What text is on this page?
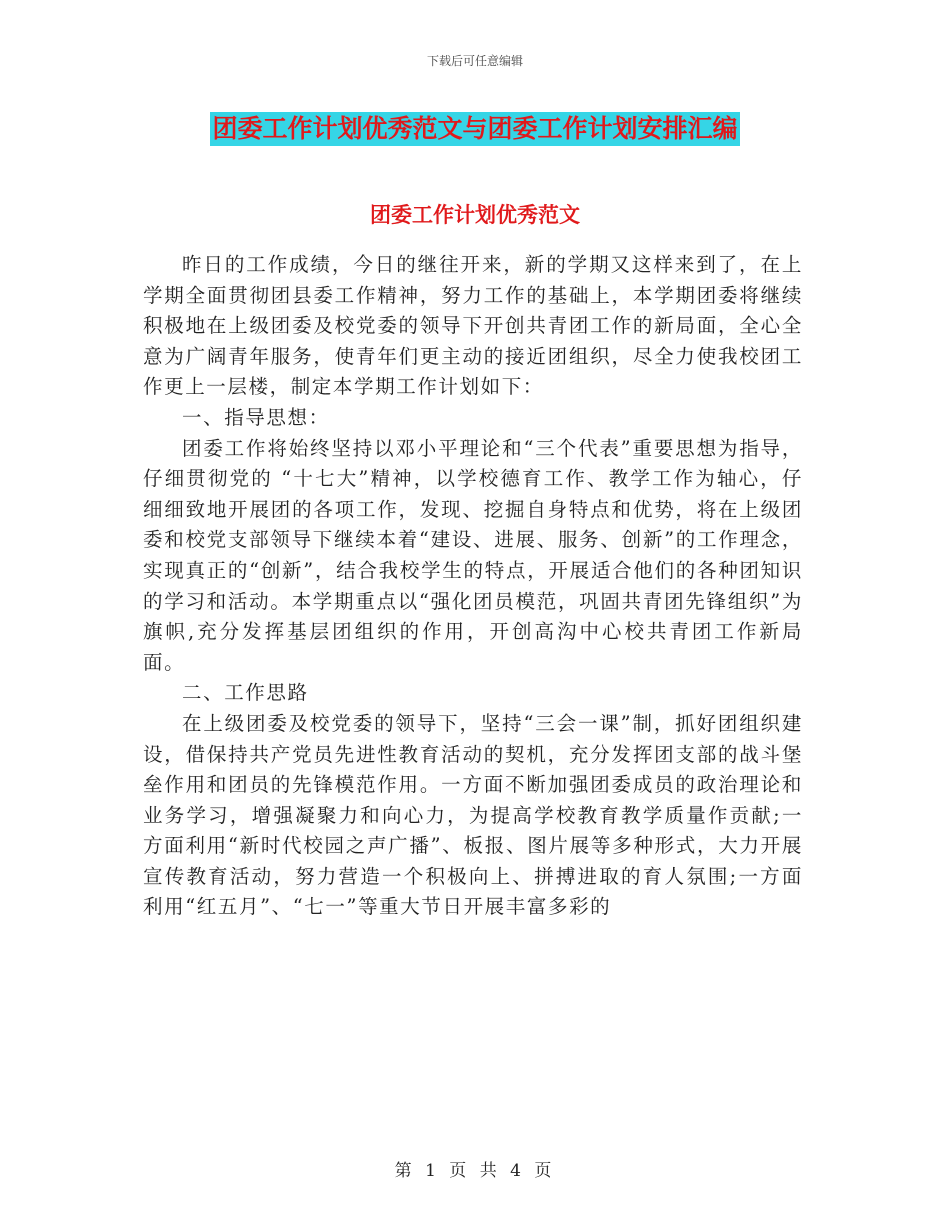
下载后可任意编辑
团委工作计划优秀范文与团委工作计划安排汇编
团委工作计划优秀范文

昨日的工作成绩，今日的继往开来，新的学期又这样来到了，在上学期全面贯彻团县委工作精神，努力工作的基础上，本学期团委将继续积极地在上级团委及校党委的领导下开创共青团工作的新局面，全心全意为广阔青年服务，使青年们更主动的接近团组织，尽全力使我校团工作更上一层楼，制定本学期工作计划如下：

一、指导思想：

团委工作将始终坚持以邓小平理论和“三个代表”重要思想为指导，仔细贯彻党的 “十七大”精神，以学校德育工作、教学工作为轴心，仔细细致地开展团的各项工作，发现、挖掘自身特点和优势，将在上级团委和校党支部领导下继续本着“建设、进展、服务、创新”的工作理念，实现真正的“创新”，结合我校学生的特点，开展适合他们的各种团知识的学习和活动。本学期重点以“强化团员模范，巩固共青团先锋组织”为旗帜,充分发挥基层团组织的作用，开创高沟中心校共青团工作新局面。

二、工作思路

在上级团委及校党委的领导下，坚持“三会一课”制，抓好团组织建设，借保持共产党员先进性教育活动的契机，充分发挥团支部的战斗堡垒作用和团员的先锋模范作用。一方面不断加强团委成员的政治理论和业务学习，增强凝聚力和向心力，为提高学校教育教学质量作贡献;一方面利用“新时代校园之声广播”、板报、图片展等多种形式，大力开展宣传教育活动，努力营造一个积极向上、拼搏进取的育人氛围;一方面利用“红五月”、“七一”等重大节日开展丰富多彩的

第 1 页 共 4 页
